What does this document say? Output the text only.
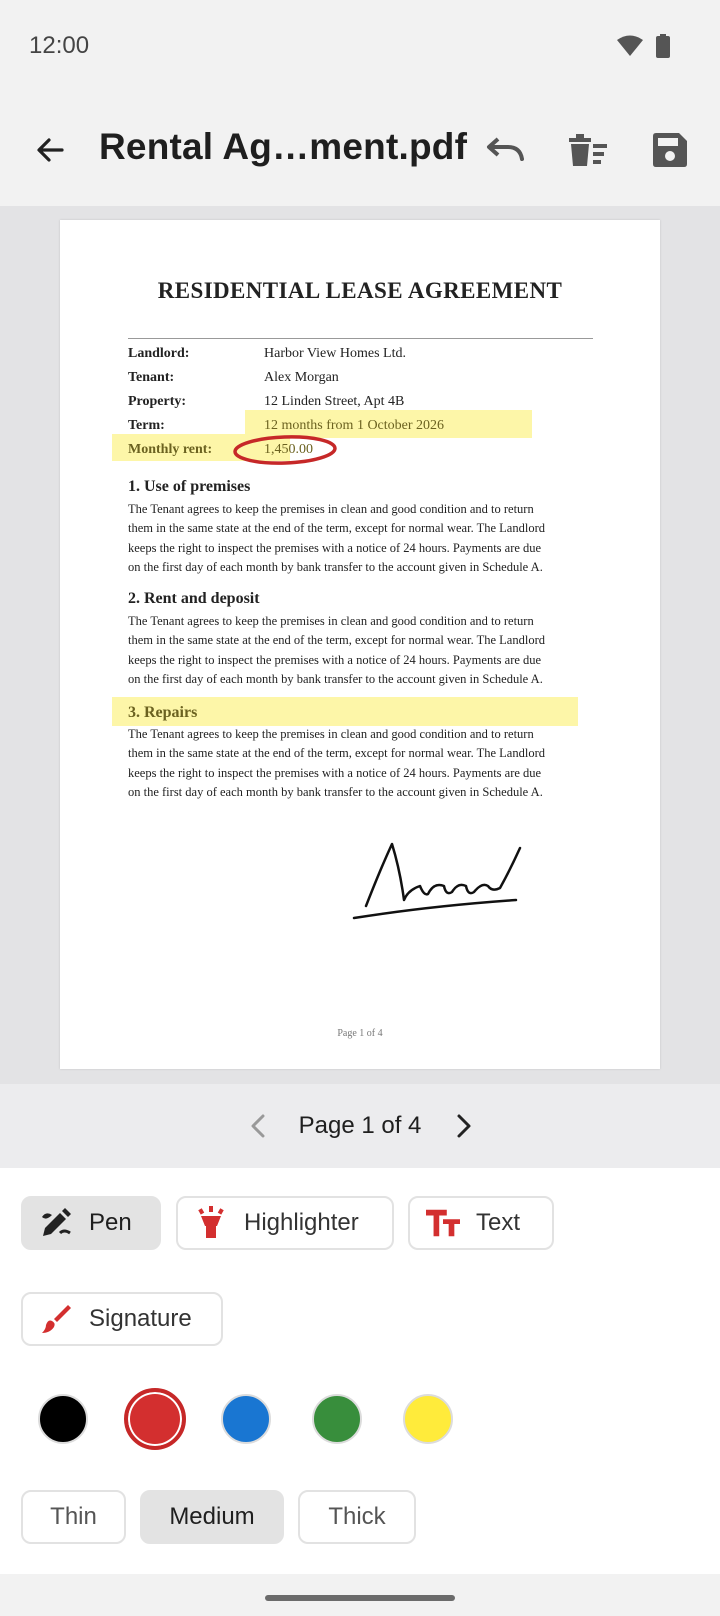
12:00
Rental Ag…ment.pdf
RESIDENTIAL LEASE AGREEMENT
Landlord:	Harbor View Homes Ltd.
Tenant:	Alex Morgan
Property:	12 Linden Street, Apt 4B
Term:	12 months from 1 October 2026
Monthly rent:	1,450.00
1. Use of premises
The Tenant agrees to keep the premises in clean and good condition and to return
them in the same state at the end of the term, except for normal wear. The Landlord
keeps the right to inspect the premises with a notice of 24 hours. Payments are due
on the first day of each month by bank transfer to the account given in Schedule A.
2. Rent and deposit
The Tenant agrees to keep the premises in clean and good condition and to return
them in the same state at the end of the term, except for normal wear. The Landlord
keeps the right to inspect the premises with a notice of 24 hours. Payments are due
on the first day of each month by bank transfer to the account given in Schedule A.
3. Repairs
The Tenant agrees to keep the premises in clean and good condition and to return
them in the same state at the end of the term, except for normal wear. The Landlord
keeps the right to inspect the premises with a notice of 24 hours. Payments are due
on the first day of each month by bank transfer to the account given in Schedule A.
Page 1 of 4
Page 1 of 4
Pen	Highlighter	Text
Signature
Thin	Medium	Thick
